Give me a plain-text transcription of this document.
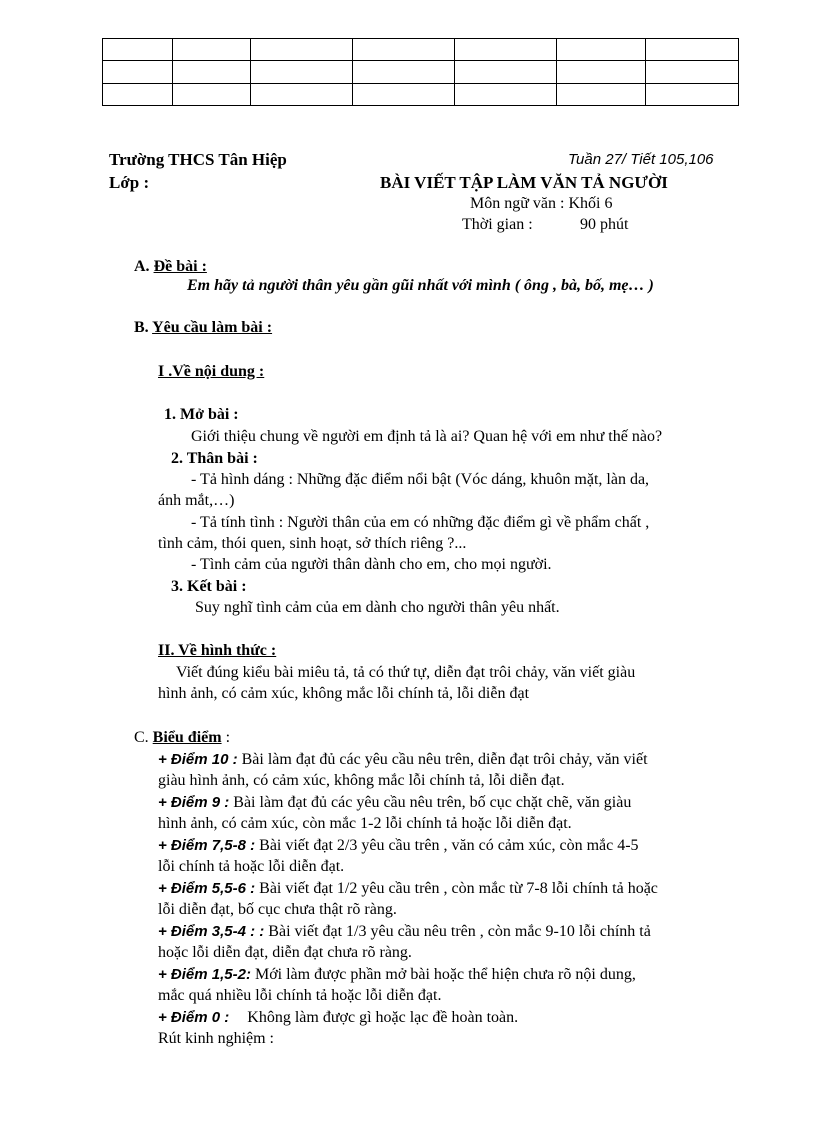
Trường THCS Tân Hiệp	Tuần 27/ Tiết 105,106
Lớp :	BÀI VIẾT TẬP LÀM VĂN TẢ NGƯỜI
Môn ngữ văn : Khối 6
Thời gian :	90 phút
A. Đề bài :
Em hãy tả người thân yêu gần gũi nhất với mình ( ông , bà, bố, mẹ… )
B. Yêu cầu làm bài :
I .Về nội dung :
1. Mở bài :
Giới thiệu chung về người em định tả là ai? Quan hệ với em như thế nào?
2. Thân bài :
- Tả hình dáng : Những đặc điểm nổi bật (Vóc dáng, khuôn mặt, làn da,
ánh mắt,…)
- Tả tính tình : Người thân của em có những đặc điểm gì về phẩm chất ,
tình cảm, thói quen, sinh hoạt, sở thích riêng ?...
- Tình cảm của người thân dành cho em, cho mọi người.
3. Kết bài :
Suy nghĩ tình cảm của em dành cho người thân yêu nhất.
II. Về hình thức :
Viết đúng kiểu bài miêu tả, tả có thứ tự, diễn đạt trôi chảy, văn viết giàu
hình ảnh, có cảm xúc, không mắc lỗi chính tả, lỗi diễn đạt
C. Biểu điểm :
+ Điểm 10 : Bài làm đạt đủ các yêu cầu nêu trên, diễn đạt trôi chảy, văn viết
giàu hình ảnh, có cảm xúc, không mắc lỗi chính tả, lỗi diễn đạt.
+ Điểm 9 : Bài làm đạt đủ các yêu cầu nêu trên, bố cục chặt chẽ, văn giàu
hình ảnh, có cảm xúc, còn mắc 1-2 lỗi chính tả hoặc lỗi diễn đạt.
+ Điểm 7,5-8 : Bài viết đạt 2/3 yêu cầu trên , văn có cảm xúc, còn mắc 4-5
lỗi chính tả hoặc lỗi diễn đạt.
+ Điểm 5,5-6 : Bài viết đạt 1/2 yêu cầu trên , còn mắc từ 7-8 lỗi chính tả hoặc
lỗi diễn đạt, bố cục chưa thật rõ ràng.
+ Điểm 3,5-4 : : Bài viết đạt 1/3 yêu cầu nêu trên , còn mắc 9-10 lỗi chính tả
hoặc lỗi diễn đạt, diễn đạt chưa rõ ràng.
+ Điểm 1,5-2: Mới làm được phần mở bài hoặc thể hiện chưa rõ nội dung,
mắc quá nhiều lỗi chính tả hoặc lỗi diễn đạt.
+ Điểm 0 : Không làm được gì hoặc lạc đề hoàn toàn.
Rút kinh nghiệm :
